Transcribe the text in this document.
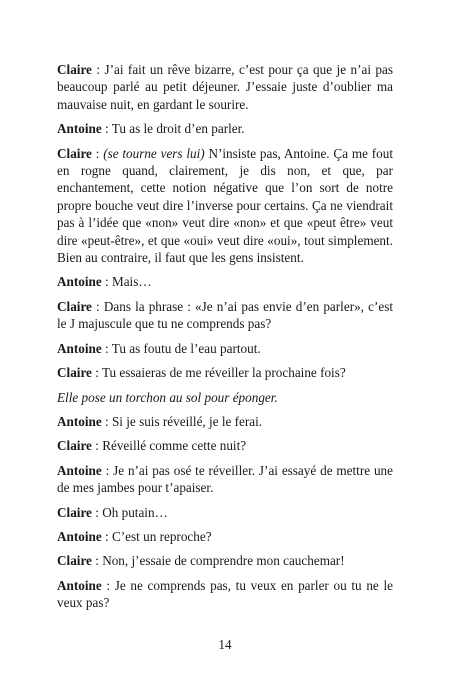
Claire : J’ai fait un rêve bizarre, c’est pour ça que je n’ai pas beaucoup parlé au petit déjeuner. J’essaie juste d’oublier ma mauvaise nuit, en gardant le sourire.

Antoine : Tu as le droit d’en parler.

Claire : (se tourne vers lui) N’insiste pas, Antoine. Ça me fout en rogne quand, clairement, je dis non, et que, par enchantement, cette notion négative que l’on sort de notre propre bouche veut dire l’inverse pour certains. Ça ne viendrait pas à l’idée que «non» veut dire «non» et que «peut être» veut dire «peut-être», et que «oui» veut dire «oui», tout simplement. Bien au contraire, il faut que les gens insistent.

Antoine : Mais…

Claire : Dans la phrase : «Je n’ai pas envie d’en parler», c’est le J majuscule que tu ne comprends pas?

Antoine : Tu as foutu de l’eau partout.

Claire : Tu essaieras de me réveiller la prochaine fois?

Elle pose un torchon au sol pour éponger.

Antoine : Si je suis réveillé, je le ferai.

Claire : Réveillé comme cette nuit?

Antoine : Je n’ai pas osé te réveiller. J’ai essayé de mettre une de mes jambes pour t’apaiser.

Claire : Oh putain…

Antoine : C’est un reproche?

Claire : Non, j’essaie de comprendre mon cauchemar!

Antoine : Je ne comprends pas, tu veux en parler ou tu ne le veux pas?

14
